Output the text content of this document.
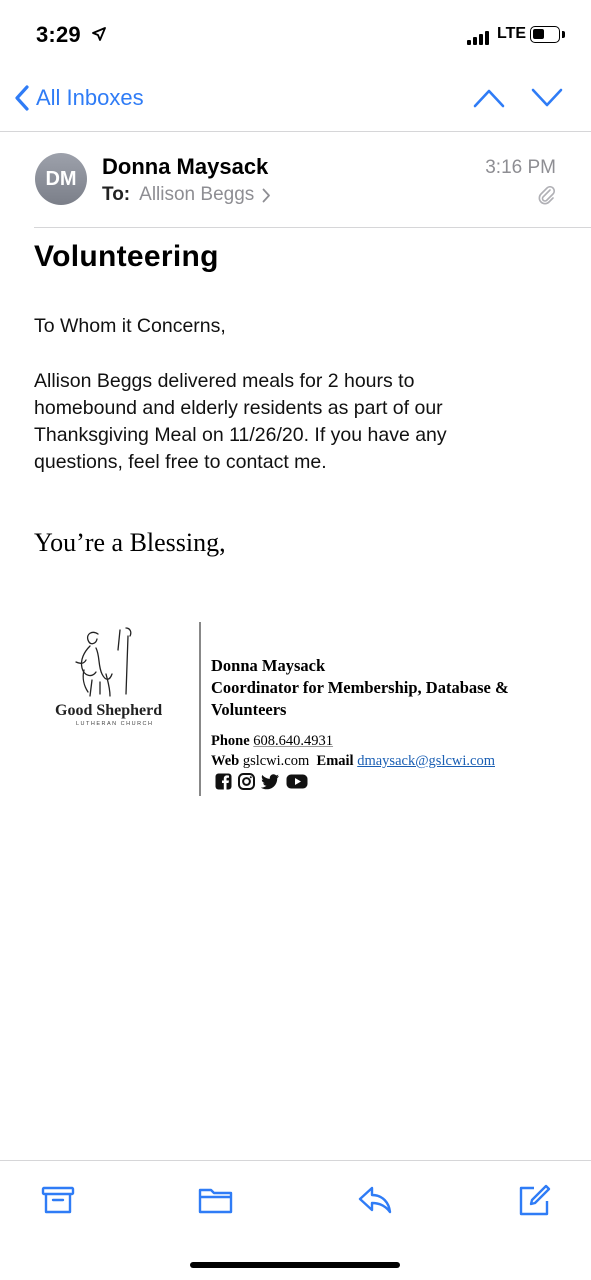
3:29	LTE
All Inboxes
DM	Donna Maysack
To: Allison Beggs
3:16 PM
Volunteering
To Whom it Concerns,
Allison Beggs delivered meals for 2 hours to homebound and elderly residents as part of our Thanksgiving Meal on 11/26/20. If you have any questions, feel free to contact me.
You’re a Blessing,
Good Shepherd
LUTHERAN CHURCH
Donna Maysack
Coordinator for Membership, Database &
Volunteers
Phone 608.640.4931
Web gslcwi.com Email dmaysack@gslcwi.com
